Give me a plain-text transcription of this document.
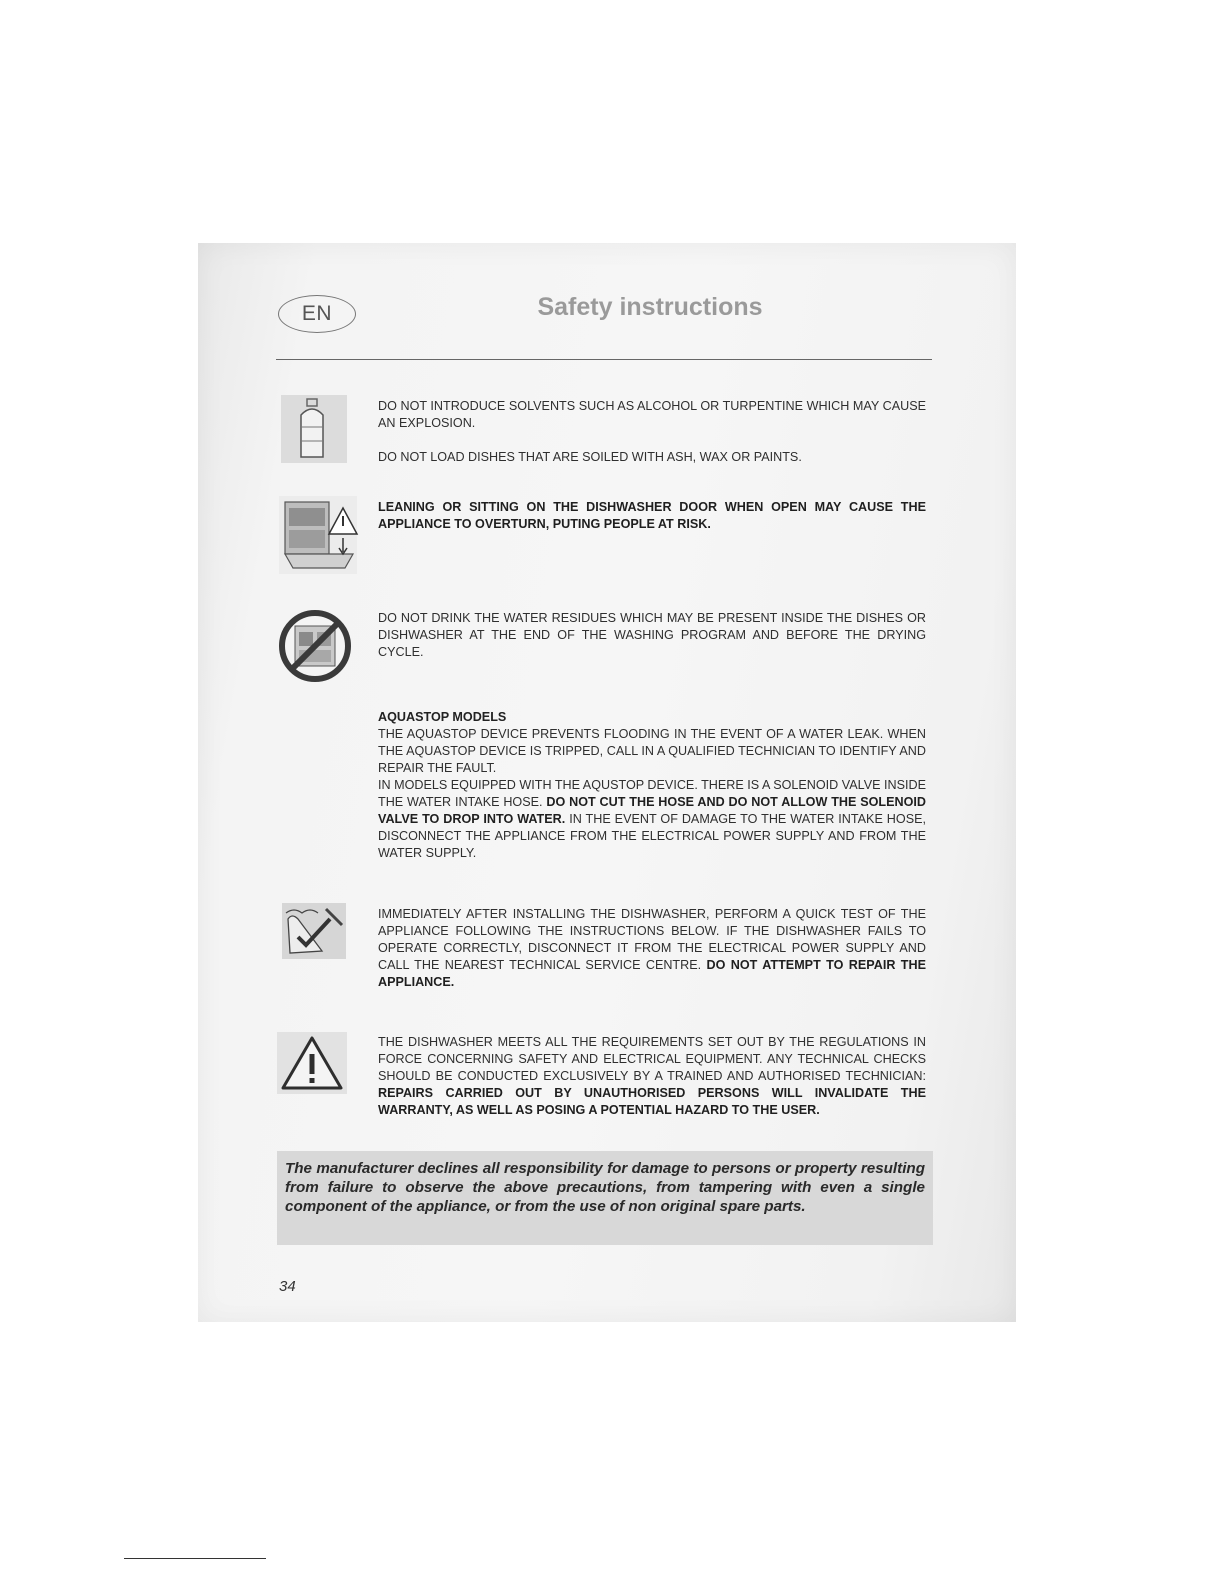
EN	Safety instructions
DO NOT INTRODUCE SOLVENTS SUCH AS ALCOHOL OR TURPENTINE WHICH MAY CAUSE AN EXPLOSION.
DO NOT LOAD DISHES THAT ARE SOILED WITH ASH, WAX OR PAINTS.
LEANING OR SITTING ON THE DISHWASHER DOOR WHEN OPEN MAY CAUSE THE APPLIANCE TO OVERTURN, PUTING PEOPLE AT RISK.
DO NOT DRINK THE WATER RESIDUES WHICH MAY BE PRESENT INSIDE THE DISHES OR DISHWASHER AT THE END OF THE WASHING PROGRAM AND BEFORE THE DRYING CYCLE.
AQUASTOP MODELS
THE AQUASTOP DEVICE PREVENTS FLOODING IN THE EVENT OF A WATER LEAK. WHEN THE AQUASTOP DEVICE IS TRIPPED, CALL IN A QUALIFIED TECHNICIAN TO IDENTIFY AND REPAIR THE FAULT.
IN MODELS EQUIPPED WITH THE AQUSTOP DEVICE. THERE IS A SOLENOID VALVE INSIDE THE WATER INTAKE HOSE. DO NOT CUT THE HOSE AND DO NOT ALLOW THE SOLENOID VALVE TO DROP INTO WATER. IN THE EVENT OF DAMAGE TO THE WATER INTAKE HOSE, DISCONNECT THE APPLIANCE FROM THE ELECTRICAL POWER SUPPLY AND FROM THE WATER SUPPLY.
IMMEDIATELY AFTER INSTALLING THE DISHWASHER, PERFORM A QUICK TEST OF THE APPLIANCE FOLLOWING THE INSTRUCTIONS BELOW. IF THE DISHWASHER FAILS TO OPERATE CORRECTLY, DISCONNECT IT FROM THE ELECTRICAL POWER SUPPLY AND CALL THE NEAREST TECHNICAL SERVICE CENTRE. DO NOT ATTEMPT TO REPAIR THE APPLIANCE.
THE DISHWASHER MEETS ALL THE REQUIREMENTS SET OUT BY THE REGULATIONS IN FORCE CONCERNING SAFETY AND ELECTRICAL EQUIPMENT. ANY TECHNICAL CHECKS SHOULD BE CONDUCTED EXCLUSIVELY BY A TRAINED AND AUTHORISED TECHNICIAN: REPAIRS CARRIED OUT BY UNAUTHORISED PERSONS WILL INVALIDATE THE WARRANTY, AS WELL AS POSING A POTENTIAL HAZARD TO THE USER.
The manufacturer declines all responsibility for damage to persons or property resulting from failure to observe the above precautions, from tampering with even a single component of the appliance, or from the use of non original spare parts.
34
